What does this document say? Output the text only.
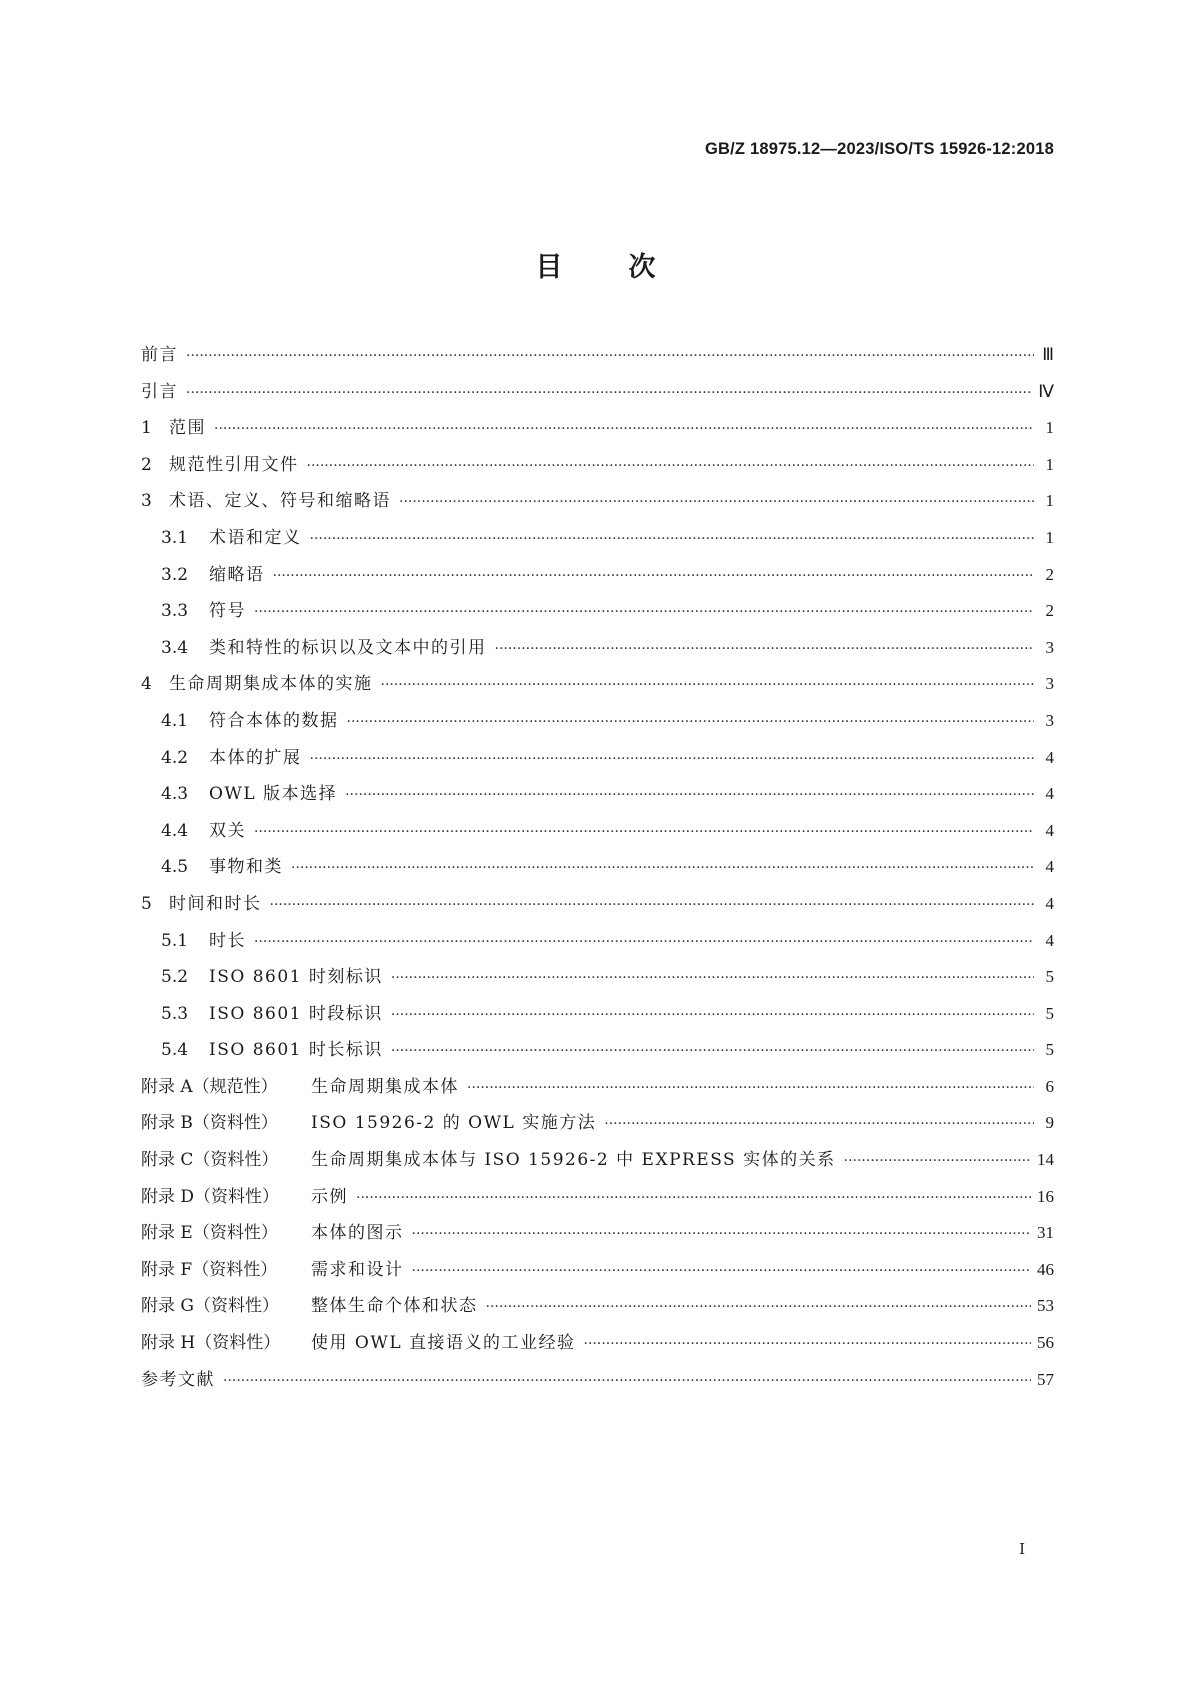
GB/Z 18975.12—2023/ISO/TS 15926-12:2018
目 次
前言 ·····	Ⅲ
引言 ·····	Ⅳ
1	范围 ·····	1
2	规范性引用文件 ·····	1
3	术语、定义、符号和缩略语 ·····	1
3.1	术语和定义 ·····	1
3.2	缩略语 ·····	2
3.3	符号 ·····	2
3.4	类和特性的标识以及文本中的引用 ·····	3
4	生命周期集成本体的实施 ·····	3
4.1	符合本体的数据 ·····	3
4.2	本体的扩展 ·····	4
4.3	OWL 版本选择 ·····	4
4.4	双关 ·····	4
4.5	事物和类 ·····	4
5	时间和时长 ·····	4
5.1	时长 ·····	4
5.2	ISO 8601 时刻标识 ·····	5
5.3	ISO 8601 时段标识 ·····	5
5.4	ISO 8601 时长标识 ·····	5
附录 A（规范性）	生命周期集成本体 ·····	6
附录 B（资料性）	ISO 15926-2 的 OWL 实施方法 ·····	9
附录 C（资料性）	生命周期集成本体与 ISO 15926-2 中 EXPRESS 实体的关系 ·····	14
附录 D（资料性）	示例 ·····	16
附录 E（资料性）	本体的图示 ·····	31
附录 F（资料性）	需求和设计 ·····	46
附录 G（资料性）	整体生命个体和状态 ·····	53
附录 H（资料性）	使用 OWL 直接语义的工业经验 ·····	56
参考文献 ·····	57
Ⅰ
